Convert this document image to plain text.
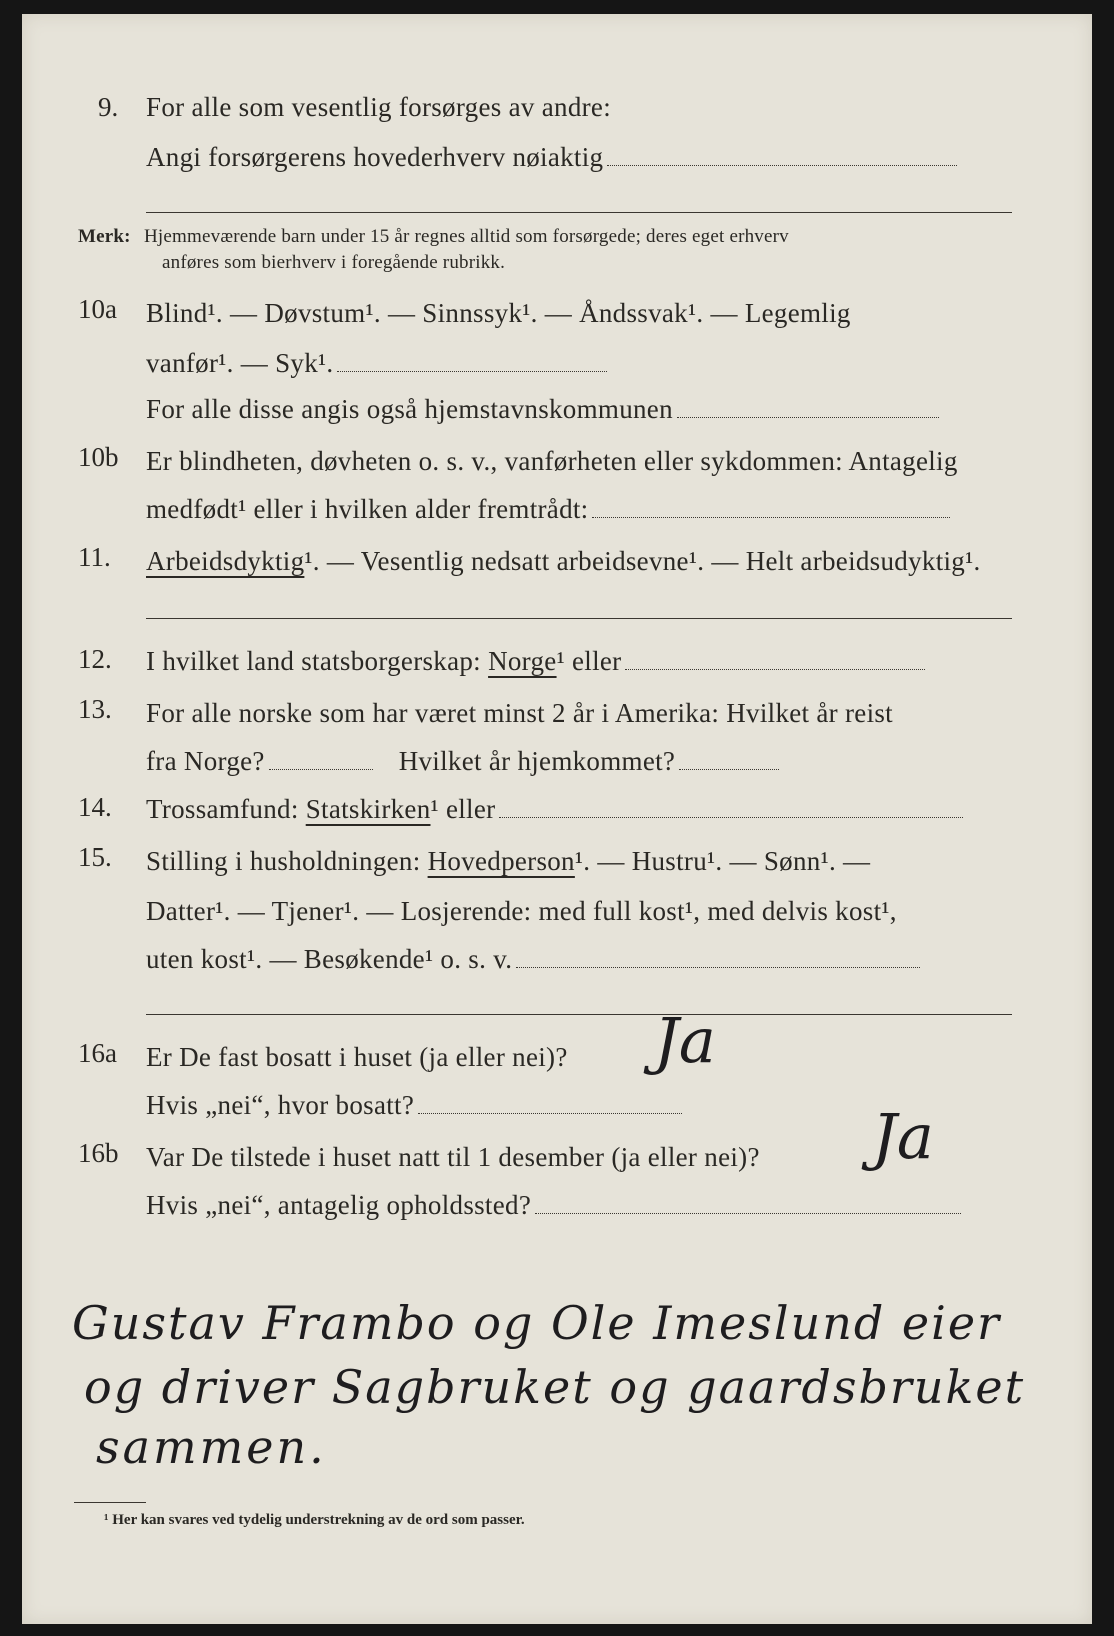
9. For alle som vesentlig forsørges av andre:
Angi forsørgerens hovederhverv nøiaktig
Merk: Hjemmeværende barn under 15 år regnes alltid som forsørgede; deres eget erhverv
anføres som bierhverv i foregående rubrikk.
10a Blind¹. — Døvstum¹. — Sinnssyk¹. — Åndssvak¹. — Legemlig
vanfør¹. — Syk¹.
For alle disse angis også hjemstavnskommunen
10b Er blindheten, døvheten o. s. v., vanførheten eller sykdommen: Antagelig
medfødt¹ eller i hvilken alder fremtrådt:
11. Arbeidsdyktig¹. — Vesentlig nedsatt arbeidsevne¹. — Helt arbeidsudyktig¹.
12. I hvilket land statsborgerskap: Norge¹ eller
13. For alle norske som har været minst 2 år i Amerika: Hvilket år reist
fra Norge?	Hvilket år hjemkommet?
14. Trossamfund: Statskirken¹ eller
15. Stilling i husholdningen: Hovedperson¹. — Hustru¹. — Sønn¹. —
Datter¹. — Tjener¹. — Losjerende: med full kost¹, med delvis kost¹,
uten kost¹. — Besøkende¹ o. s. v.
16a Er De fast bosatt i huset (ja eller nei)? Ja
Hvis „nei“, hvor bosatt?
16b Var De tilstede i huset natt til 1 desember (ja eller nei)? Ja
Hvis „nei“, antagelig opholdssted?
Gustav Frambo og Ole Imeslund eier
og driver Sagbruket og gaardsbruket
sammen.
¹ Her kan svares ved tydelig understrekning av de ord som passer.
